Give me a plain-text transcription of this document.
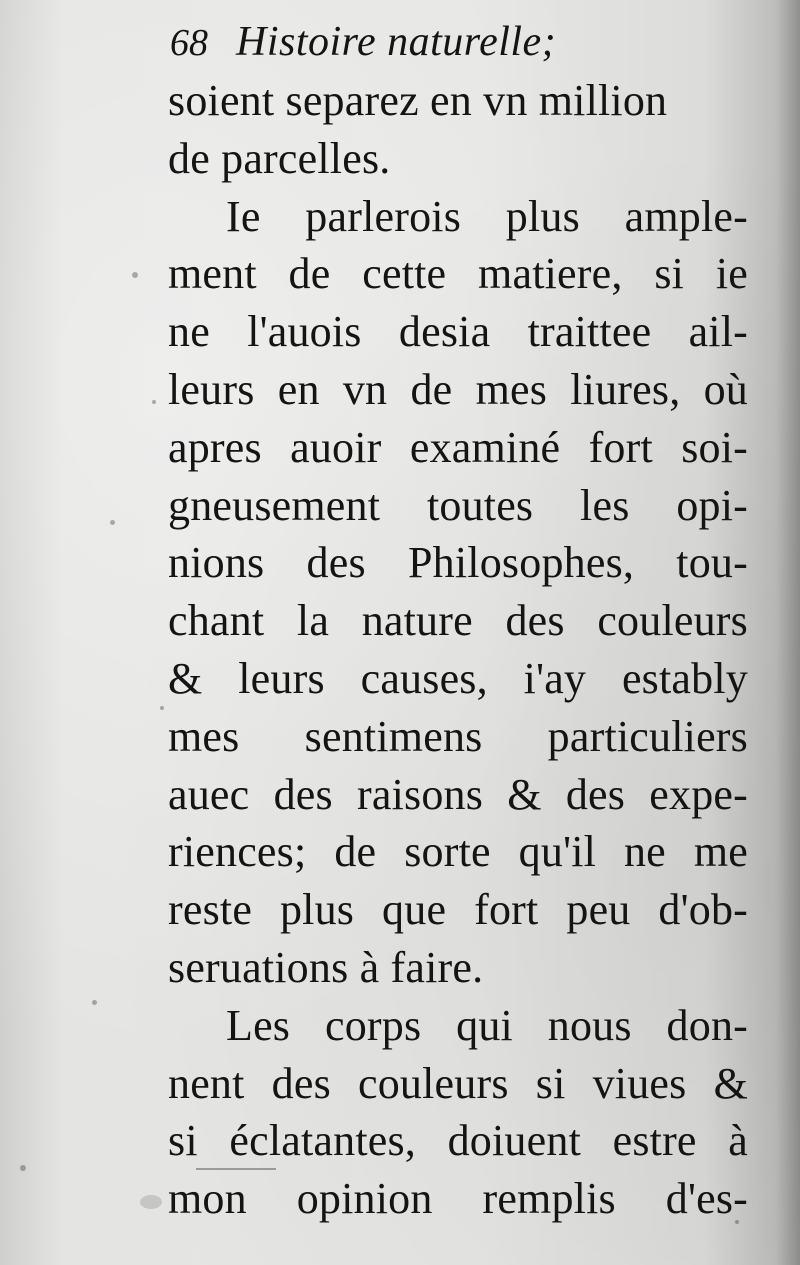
68 Histoire naturelle;
soient separez en vn million
de parcelles.
Ie parlerois plus ample-
ment de cette matiere, si ie
ne l'auois desia traittee ail-
leurs en vn de mes liures, où
apres auoir examiné fort soi-
gneusement toutes les opi-
nions des Philosophes, tou-
chant la nature des couleurs
& leurs causes, i'ay estably
mes sentimens particuliers
auec des raisons & des expe-
riences; de sorte qu'il ne me
reste plus que fort peu d'ob-
seruations à faire.
Les corps qui nous don-
nent des couleurs si viues &
si éclatantes, doiuent estre à
mon opinion remplis d'es-
